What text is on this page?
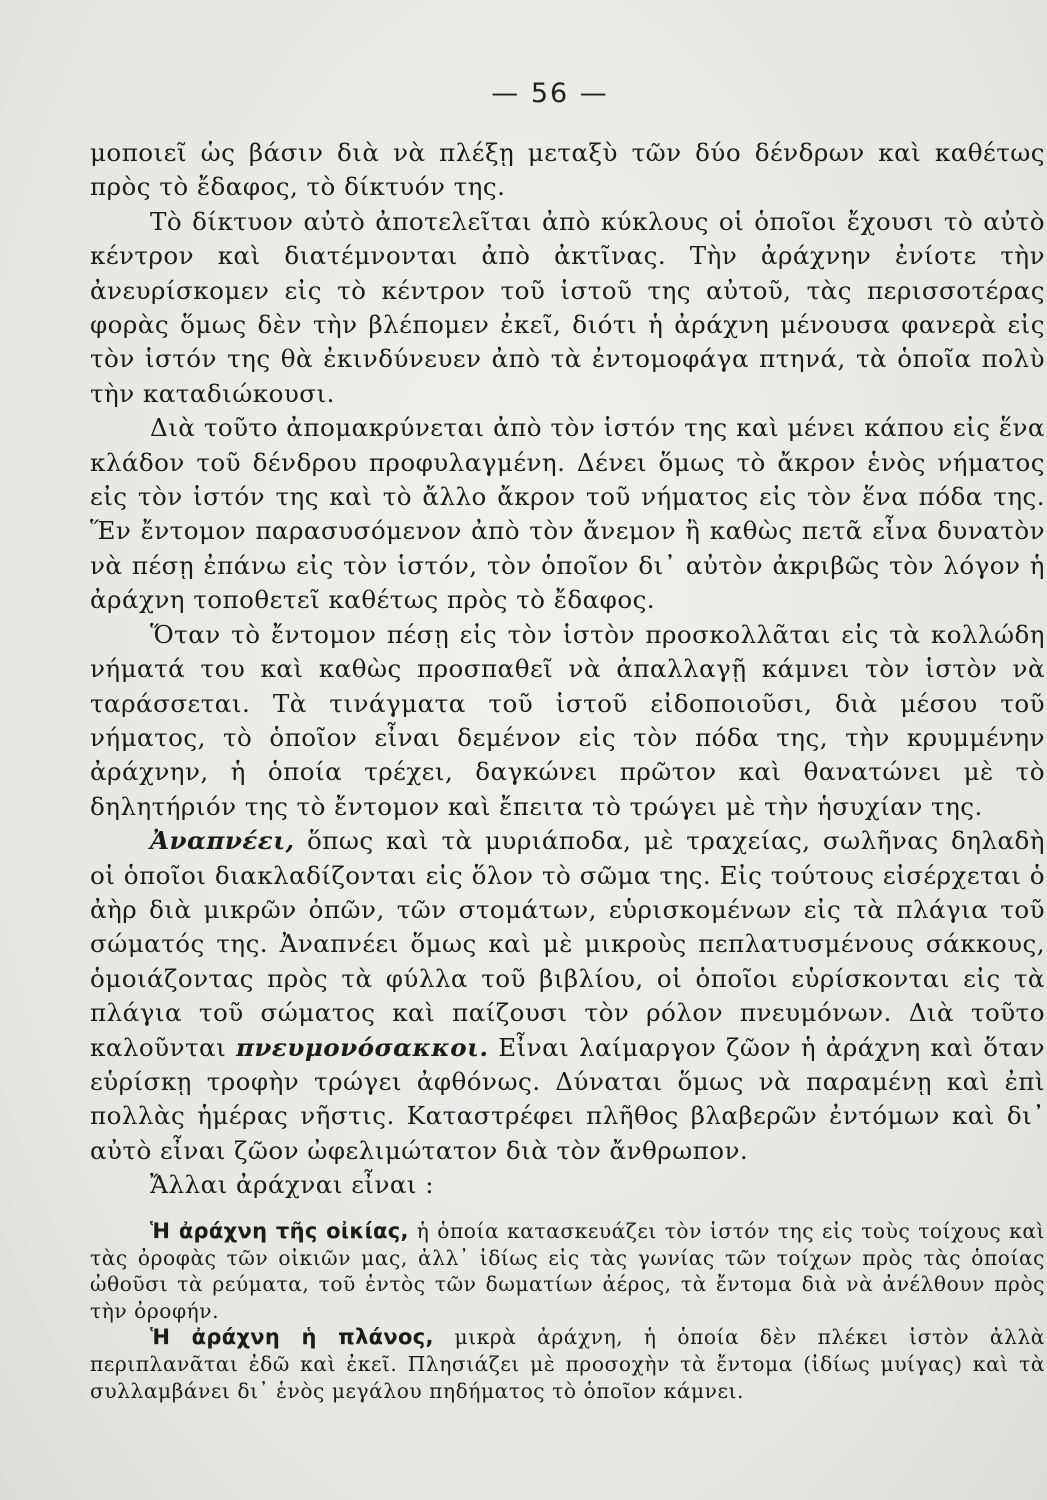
— 56 —

μοποιεῖ ὡς βάσιν διὰ νὰ πλέξῃ μεταξὺ τῶν δύο δένδρων καὶ καθέτως πρὸς τὸ ἔδαφος, τὸ δίκτυόν της.

Τὸ δίκτυον αὐτὸ ἀποτελεῖται ἀπὸ κύκλους οἱ ὁποῖοι ἔχουσι τὸ αὐτὸ κέντρον καὶ διατέμνονται ἀπὸ ἀκτῖνας. Τὴν ἀράχνην ἐνίοτε τὴν ἀνευρίσκομεν εἰς τὸ κέντρον τοῦ ἱστοῦ της αὐτοῦ, τὰς περισσοτέρας φορὰς ὅμως δὲν τὴν βλέπομεν ἐκεῖ, διότι ἡ ἀράχνη μένουσα φανερὰ εἰς τὸν ἱστόν της θὰ ἐκινδύνευεν ἀπὸ τὰ ἐντομοφάγα πτηνά, τὰ ὁποῖα πολὺ τὴν καταδιώκουσι.

Διὰ τοῦτο ἀπομακρύνεται ἀπὸ τὸν ἱστόν της καὶ μένει κάπου εἰς ἕνα κλάδον τοῦ δένδρου προφυλαγμένη. Δένει ὅμως τὸ ἄκρον ἑνὸς νήματος εἰς τὸν ἱστόν της καὶ τὸ ἄλλο ἄκρον τοῦ νήματος εἰς τὸν ἕνα πόδα της. Ἕν ἔντομον παρασυσόμενον ἀπὸ τὸν ἄνεμον ἢ καθὼς πετᾶ εἶνα δυνατὸν νὰ πέσῃ ἐπάνω εἰς τὸν ἱστόν, τὸν ὁποῖον δι᾽ αὐτὸν ἀκριβῶς τὸν λόγον ἡ ἀράχνη τοποθετεῖ καθέτως πρὸς τὸ ἔδαφος.

Ὅταν τὸ ἔντομον πέσῃ εἰς τὸν ἱστὸν προσκολλᾶται εἰς τὰ κολλώδη νήματά του καὶ καθὼς προσπαθεῖ νὰ ἀπαλλαγῇ κάμνει τὸν ἱστὸν νὰ ταράσσεται. Τὰ τινάγματα τοῦ ἱστοῦ εἰδοποιοῦσι, διὰ μέσου τοῦ νήματος, τὸ ὁποῖον εἶναι δεμένον εἰς τὸν πόδα της, τὴν κρυμμένην ἀράχνην, ἡ ὁποία τρέχει, δαγκώνει πρῶτον καὶ θανατώνει μὲ τὸ δηλητήριόν της τὸ ἔντομον καὶ ἔπειτα τὸ τρώγει μὲ τὴν ἡσυχίαν της.

Ἀναπνέει, ὅπως καὶ τὰ μυριάποδα, μὲ τραχείας, σωλῆνας δηλαδὴ οἱ ὁποῖοι διακλαδίζονται εἰς ὅλον τὸ σῶμα της. Εἰς τούτους εἰσέρχεται ὁ ἀὴρ διὰ μικρῶν ὀπῶν, τῶν στομάτων, εὑρισκομένων εἰς τὰ πλάγια τοῦ σώματός της. Ἀναπνέει ὅμως καὶ μὲ μικροὺς πεπλατυσμένους σάκκους, ὁμοιάζοντας πρὸς τὰ φύλλα τοῦ βιβλίου, οἱ ὁποῖοι εὑρίσκονται εἰς τὰ πλάγια τοῦ σώματος καὶ παίζουσι τὸν ρόλον πνευμόνων. Διὰ τοῦτο καλοῦνται πνευμονόσακκοι. Εἶναι λαίμαργον ζῶον ἡ ἀράχνη καὶ ὅταν εὑρίσκῃ τροφὴν τρώγει ἀφθόνως. Δύναται ὅμως νὰ παραμένῃ καὶ ἐπὶ πολλὰς ἡμέρας νῆστις. Καταστρέφει πλῆθος βλαβερῶν ἐντόμων καὶ δι᾽ αὐτὸ εἶναι ζῶον ὠφελιμώτατον διὰ τὸν ἄνθρωπον.

Ἄλλαι ἀράχναι εἶναι :

Ἡ ἀράχνη τῆς οἰκίας, ἡ ὁποία κατασκευάζει τὸν ἱστόν της εἰς τοὺς τοίχους καὶ τὰς ὀροφὰς τῶν οἰκιῶν μας, ἀλλ᾽ ἰδίως εἰς τὰς γωνίας τῶν τοίχων πρὸς τὰς ὁποίας ὠθοῦσι τὰ ρεύματα, τοῦ ἐντὸς τῶν δωματίων ἀέρος, τὰ ἔντομα διὰ νὰ ἀνέλθουν πρὸς τὴν ὀροφήν.

Ἡ ἀράχνη ἡ πλάνος, μικρὰ ἀράχνη, ἡ ὁποία δὲν πλέκει ἱστὸν ἀλλὰ περιπλανᾶται ἐδῶ καὶ ἐκεῖ. Πλησιάζει μὲ προσοχὴν τὰ ἔντομα (ἰδίως μυίγας) καὶ τὰ συλλαμβάνει δι᾽ ἑνὸς μεγάλου πηδήματος τὸ ὁποῖον κάμνει.
